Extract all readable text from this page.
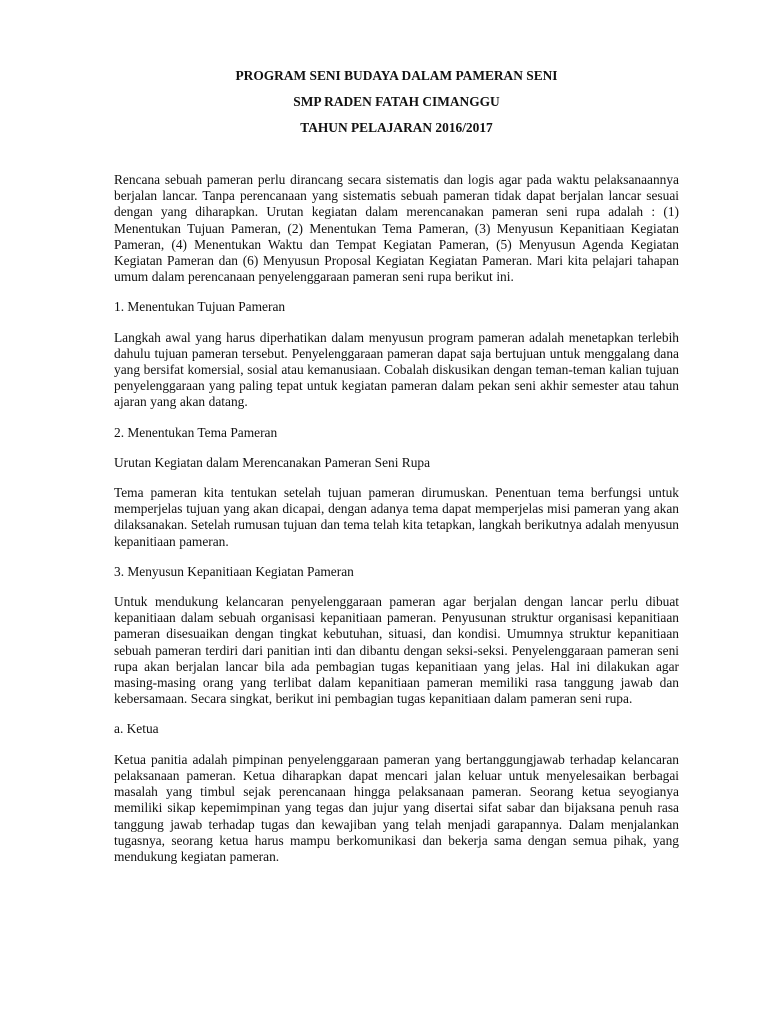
PROGRAM SENI BUDAYA DALAM PAMERAN SENI

SMP RADEN FATAH CIMANGGU

TAHUN PELAJARAN 2016/2017

Rencana sebuah pameran perlu dirancang secara sistematis dan logis agar pada waktu pelaksanaannya berjalan lancar. Tanpa perencanaan yang sistematis sebuah pameran tidak dapat berjalan lancar sesuai dengan yang diharapkan. Urutan kegiatan dalam merencanakan pameran seni rupa adalah : (1) Menentukan Tujuan Pameran, (2) Menentukan Tema Pameran, (3) Menyusun Kepanitiaan Kegiatan Pameran, (4) Menentukan Waktu dan Tempat Kegiatan Pameran, (5) Menyusun Agenda Kegiatan Kegiatan Pameran dan (6) Menyusun Proposal Kegiatan Kegiatan Pameran. Mari kita pelajari tahapan umum dalam perencanaan penyelenggaraan pameran seni rupa berikut ini.

1. Menentukan Tujuan Pameran

Langkah awal yang harus diperhatikan dalam menyusun program pameran adalah menetapkan terlebih dahulu tujuan pameran tersebut. Penyelenggaraan pameran dapat saja bertujuan untuk menggalang dana yang bersifat komersial, sosial atau kemanusiaan. Cobalah diskusikan dengan teman-teman kalian tujuan penyelenggaraan yang paling tepat untuk kegiatan pameran dalam pekan seni akhir semester atau tahun ajaran yang akan datang.

2. Menentukan Tema Pameran

Urutan Kegiatan dalam Merencanakan Pameran Seni Rupa

Tema pameran kita tentukan setelah tujuan pameran dirumuskan. Penentuan tema berfungsi untuk memperjelas tujuan yang akan dicapai, dengan adanya tema dapat memperjelas misi pameran yang akan dilaksanakan. Setelah rumusan tujuan dan tema telah kita tetapkan, langkah berikutnya adalah menyusun kepanitiaan pameran.

3. Menyusun Kepanitiaan Kegiatan Pameran

Untuk mendukung kelancaran penyelenggaraan pameran agar berjalan dengan lancar perlu dibuat kepanitiaan dalam sebuah organisasi kepanitiaan pameran. Penyusunan struktur organisasi kepanitiaan pameran disesuaikan dengan tingkat kebutuhan, situasi, dan kondisi. Umumnya struktur kepanitiaan sebuah pameran terdiri dari panitian inti dan dibantu dengan seksi-seksi. Penyelenggaraan pameran seni rupa akan berjalan lancar bila ada pembagian tugas kepanitiaan yang jelas. Hal ini dilakukan agar masing-masing orang yang terlibat dalam kepanitiaan pameran memiliki rasa tanggung jawab dan kebersamaan. Secara singkat, berikut ini pembagian tugas kepanitiaan dalam pameran seni rupa.

a. Ketua

Ketua panitia adalah pimpinan penyelenggaraan pameran yang bertanggungjawab terhadap kelancaran pelaksanaan pameran. Ketua diharapkan dapat mencari jalan keluar untuk menyelesaikan berbagai masalah yang timbul sejak perencanaan hingga pelaksanaan pameran. Seorang ketua seyogianya memiliki sikap kepemimpinan yang tegas dan jujur yang disertai sifat sabar dan bijaksana penuh rasa tanggung jawab terhadap tugas dan kewajiban yang telah menjadi garapannya. Dalam menjalankan tugasnya, seorang ketua harus mampu berkomunikasi dan bekerja sama dengan semua pihak, yang mendukung kegiatan pameran.
